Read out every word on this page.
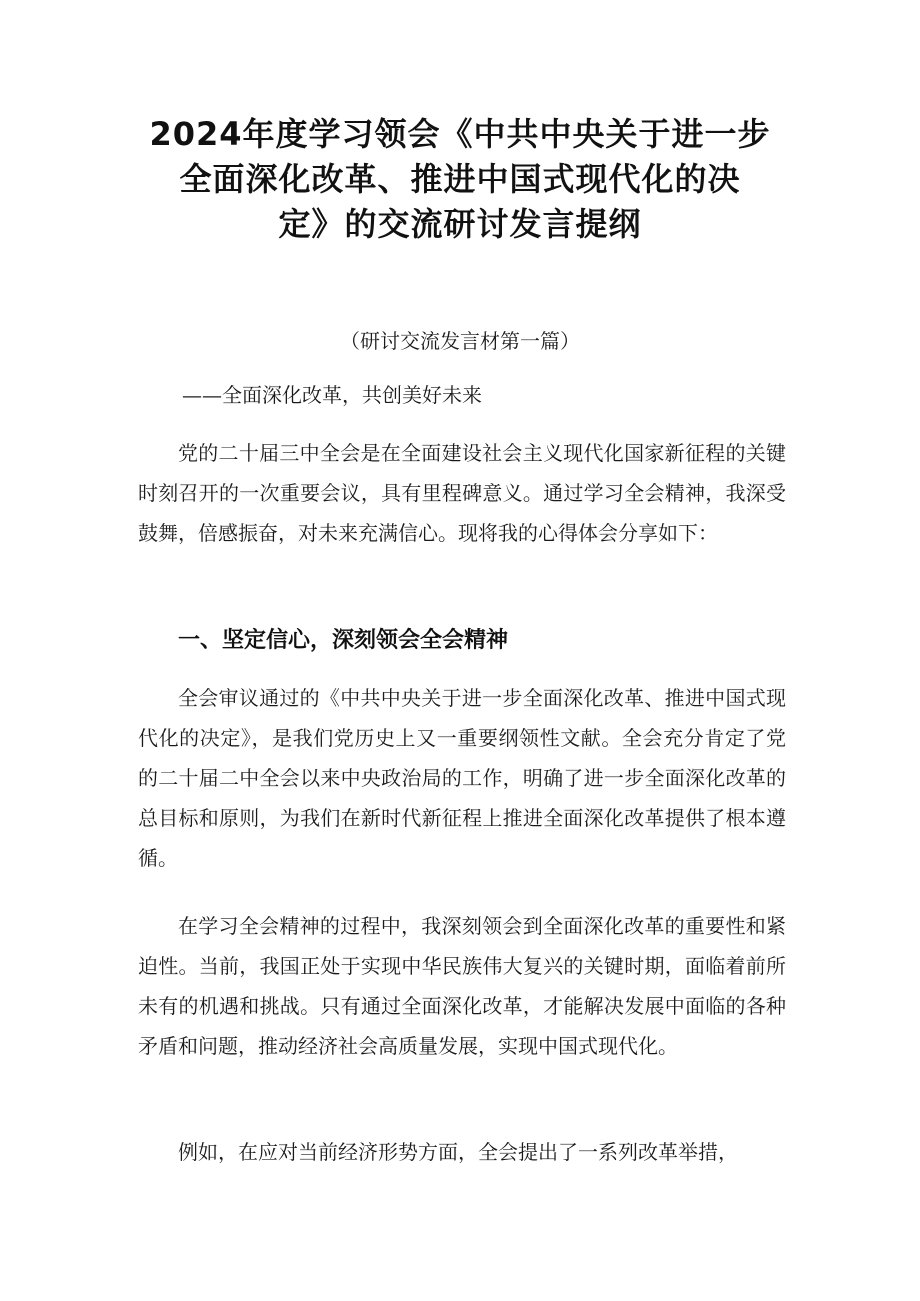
2024年度学习领会《中共中央关于进一步
全面深化改革、推进中国式现代化的决
定》的交流研讨发言提纲

（研讨交流发言材第一篇）

——全面深化改革，共创美好未来

党的二十届三中全会是在全面建设社会主义现代化国家新征程的关键时刻召开的一次重要会议，具有里程碑意义。通过学习全会精神，我深受鼓舞，倍感振奋，对未来充满信心。现将我的心得体会分享如下：

一、坚定信心，深刻领会全会精神

全会审议通过的《中共中央关于进一步全面深化改革、推进中国式现代化的决定》，是我们党历史上又一重要纲领性文献。全会充分肯定了党的二十届二中全会以来中央政治局的工作，明确了进一步全面深化改革的总目标和原则，为我们在新时代新征程上推进全面深化改革提供了根本遵循。

在学习全会精神的过程中，我深刻领会到全面深化改革的重要性和紧迫性。当前，我国正处于实现中华民族伟大复兴的关键时期，面临着前所未有的机遇和挑战。只有通过全面深化改革，才能解决发展中面临的各种矛盾和问题，推动经济社会高质量发展，实现中国式现代化。

例如，在应对当前经济形势方面，全会提出了一系列改革举措，
